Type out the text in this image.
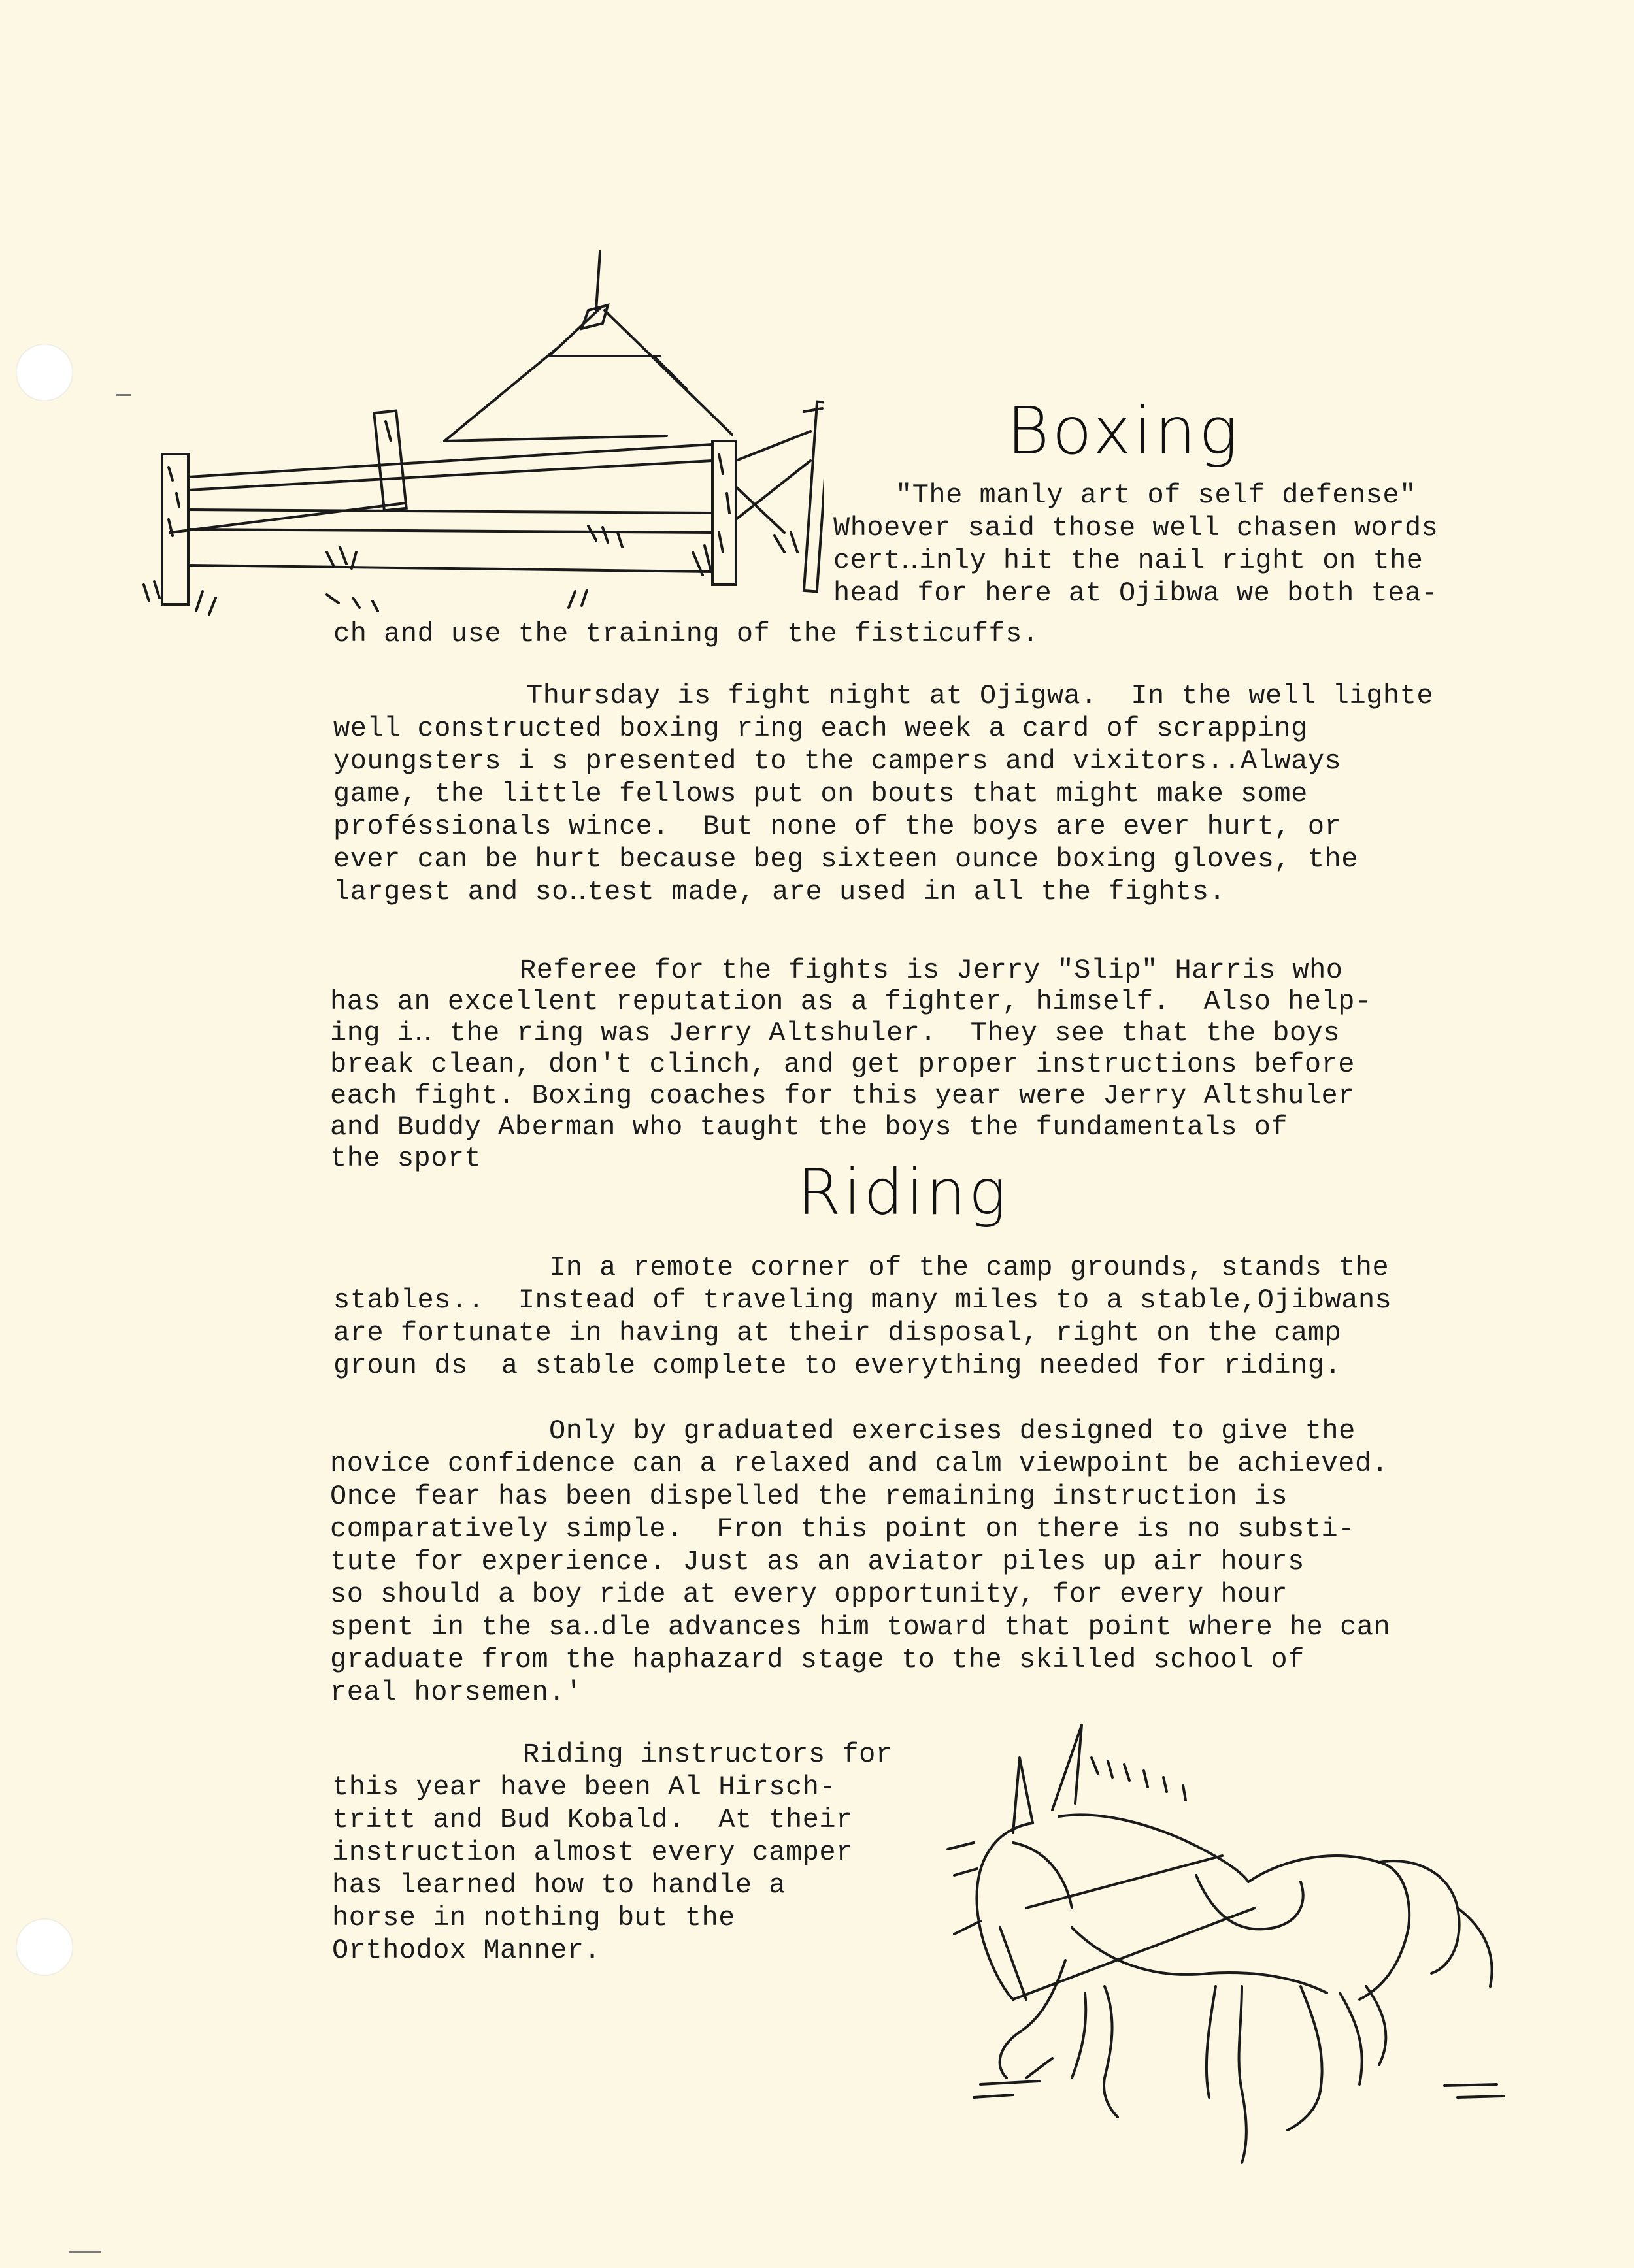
Boxing
"The manly art of self defense"
Whoever said those well chasen words
cert‥inly hit the nail right on the
head for here at Ojibwa we both tea-
ch and use the training of the fisticuffs.
Thursday is fight night at Ojigwa.  In the well lighte
well constructed boxing ring each week a card of scrapping
youngsters i s presented to the campers and vixitors..Always
game, the little fellows put on bouts that might make some
proféssionals wince.  But none of the boys are ever hurt, or
ever can be hurt because beg sixteen ounce boxing gloves, the
largest and so‥test made, are used in all the fights.
Referee for the fights is Jerry "Slip" Harris who
has an excellent reputation as a fighter, himself.  Also help-
ing i‥ the ring was Jerry Altshuler.  They see that the boys
break clean, don't clinch, and get proper instructions before
each fight. Boxing coaches for this year were Jerry Altshuler
and Buddy Aberman who taught the boys the fundamentals of
the sport	Riding
In a remote corner of the camp grounds, stands the
stables..  Instead of traveling many miles to a stable,Ojibwans
are fortunate in having at their disposal, right on the camp
groun ds  a stable complete to everything needed for riding.
Only by graduated exercises designed to give the
novice confidence can a relaxed and calm viewpoint be achieved.
Once fear has been dispelled the remaining instruction is
comparatively simple.  Fron this point on there is no substi-
tute for experience. Just as an aviator piles up air hours
so should a boy ride at every opportunity, for every hour
spent in the sa‥dle advances him toward that point where he can
graduate from the haphazard stage to the skilled school of
real horsemen.'
Riding instructors for
this year have been Al Hirsch-
tritt and Bud Kobald.  At their
instruction almost every camper
has learned how to handle a
horse in nothing but the
Orthodox Manner.
